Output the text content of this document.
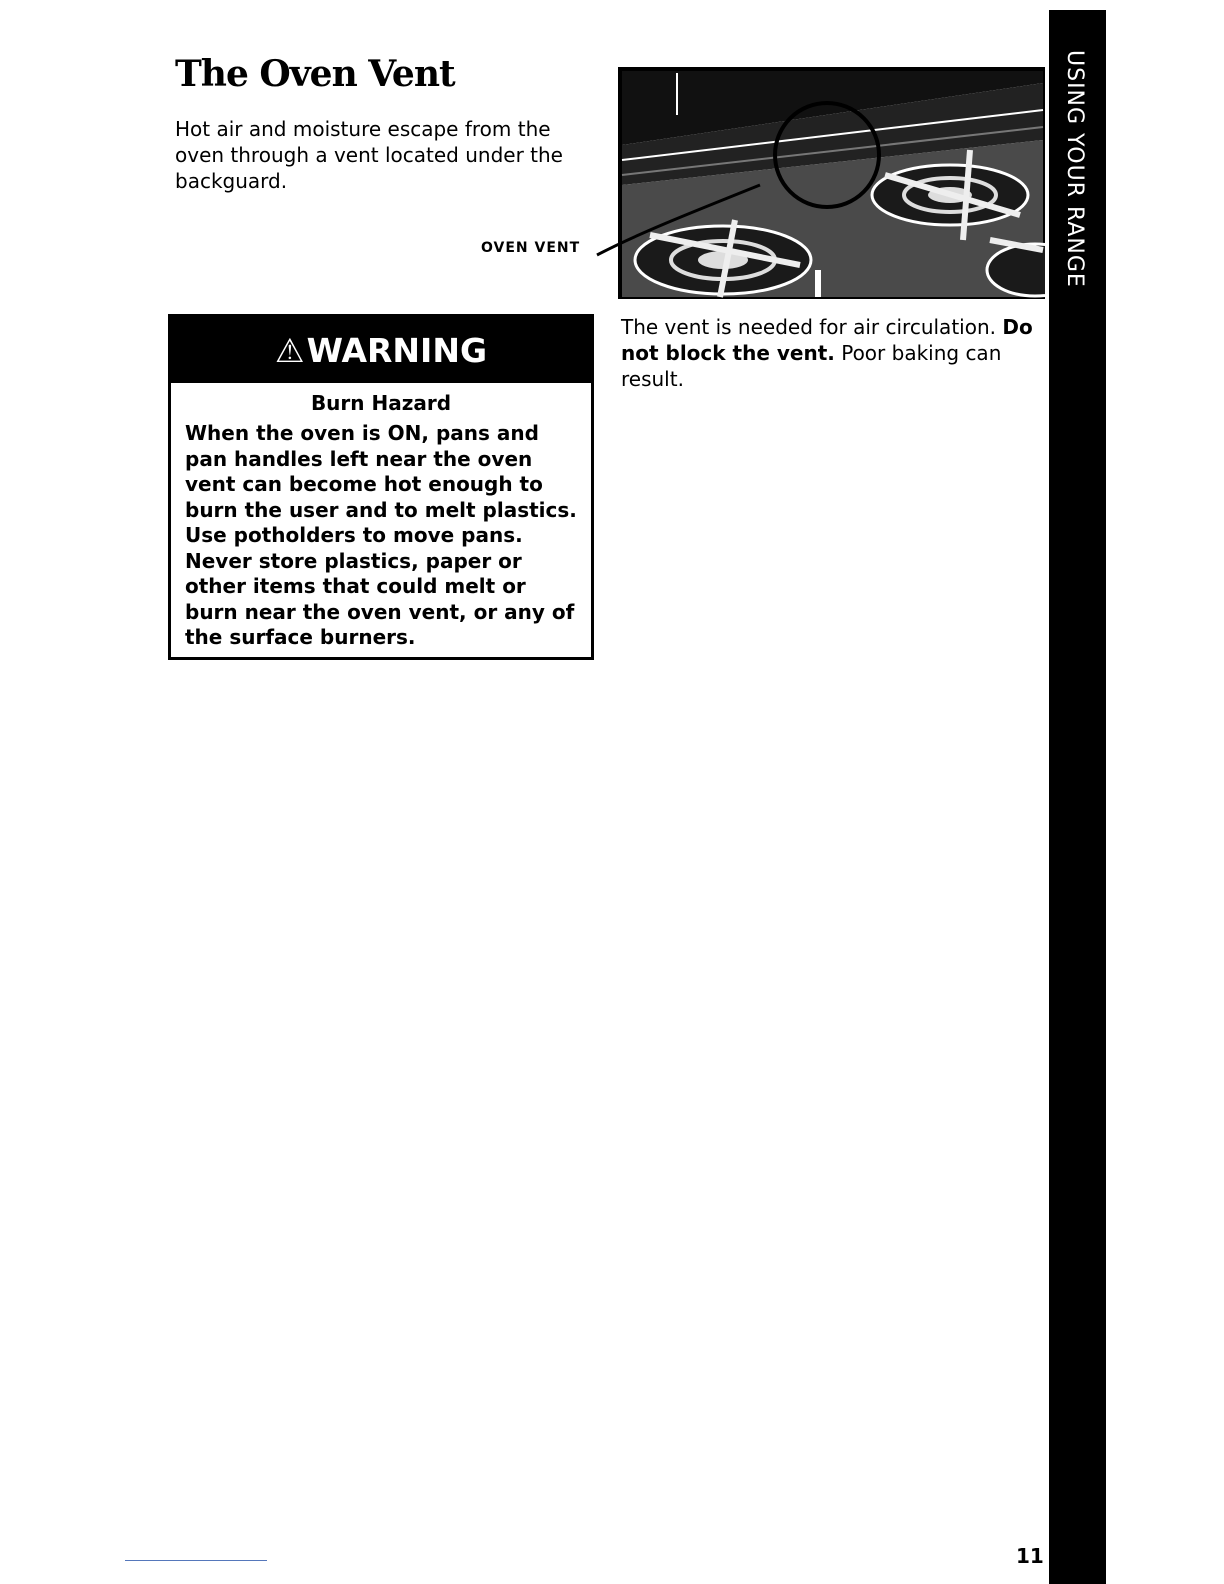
USING YOUR RANGE
The Oven Vent

Hot air and moisture escape from the oven through a vent located under the backguard.

OVEN VENT

The vent is needed for air circulation. Do not block the vent. Poor baking can result.

⚠ WARNING
Burn Hazard
When the oven is ON, pans and pan handles left near the oven vent can become hot enough to burn the user and to melt plastics. Use potholders to move pans. Never store plastics, paper or other items that could melt or burn near the oven vent, or any of the surface burners.
11
